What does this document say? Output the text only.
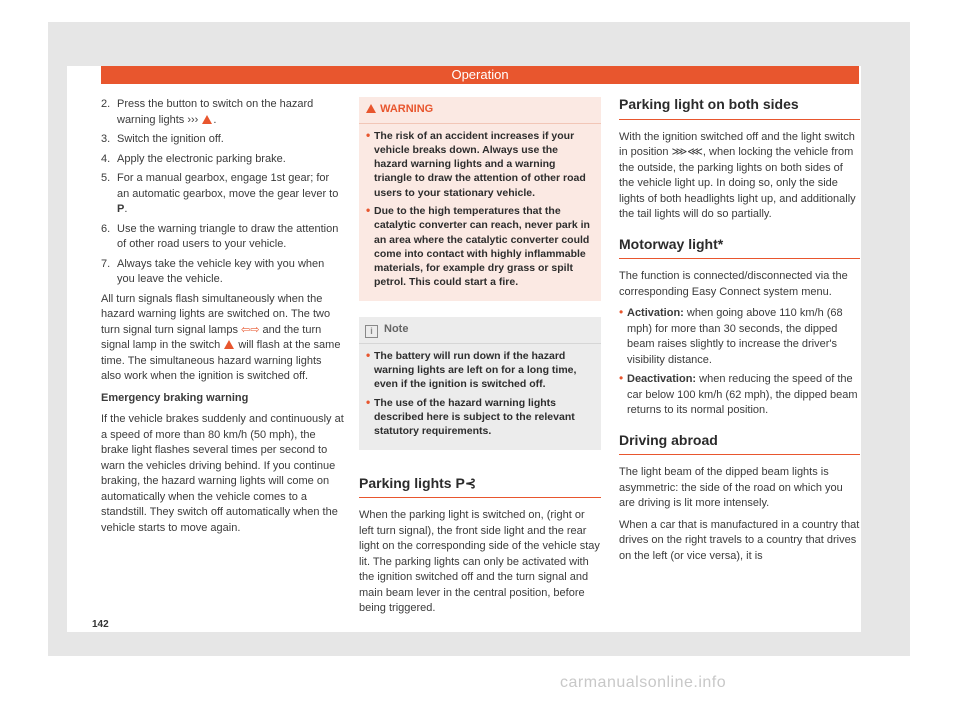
Operation
2. Press the button to switch on the hazard warning lights ››› .
3. Switch the ignition off.
4. Apply the electronic parking brake.
5. For a manual gearbox, engage 1st gear; for an automatic gearbox, move the gear lever to P.
6. Use the warning triangle to draw the attention of other road users to your vehicle.
7. Always take the vehicle key with you when you leave the vehicle.

All turn signals flash simultaneously when the hazard warning lights are switched on. The two turn signal turn signal lamps ⇦⇨ and the turn signal lamp in the switch  will flash at the same time. The simultaneous hazard warning lights also work when the ignition is switched off.

Emergency braking warning

If the vehicle brakes suddenly and continuously at a speed of more than 80 km/h (50 mph), the brake light flashes several times per second to warn the vehicles driving behind. If you continue braking, the hazard warning lights will come on automatically when the vehicle comes to a standstill. They switch off automatically when the vehicle starts to move again.

WARNING
• The risk of an accident increases if your vehicle breaks down. Always use the hazard warning lights and a warning triangle to draw the attention of other road users to your stationary vehicle.
• Due to the high temperatures that the catalytic converter can reach, never park in an area where the catalytic converter could come into contact with highly inflammable materials, for example dry grass or spilt petrol. This could start a fire.
i Note
• The battery will run down if the hazard warning lights are left on for a long time, even if the ignition is switched off.
• The use of the hazard warning lights described here is subject to the relevant statutory requirements.
Parking lights P⊰

When the parking light is switched on, (right or left turn signal), the front side light and the rear light on the corresponding side of the vehicle stay lit. The parking lights can only be activated with the ignition switched off and the turn signal and main beam lever in the central position, before being triggered.

Parking light on both sides

With the ignition switched off and the light switch in position ⋙⋘, when locking the vehicle from the outside, the parking lights on both sides of the vehicle light up. In doing so, only the side lights of both headlights light up, and additionally the tail lights will do so partially.

Motorway light*

The function is connected/disconnected via the corresponding Easy Connect system menu.

• Activation: when going above 110 km/h (68 mph) for more than 30 seconds, the dipped beam raises slightly to increase the driver's visibility distance.
• Deactivation: when reducing the speed of the car below 100 km/h (62 mph), the dipped beam returns to its normal position.
Driving abroad

The light beam of the dipped beam lights is asymmetric: the side of the road on which you are driving is lit more intensely.

When a car that is manufactured in a country that drives on the right travels to a country that drives on the left (or vice versa), it is

142
carmanualsonline.info
